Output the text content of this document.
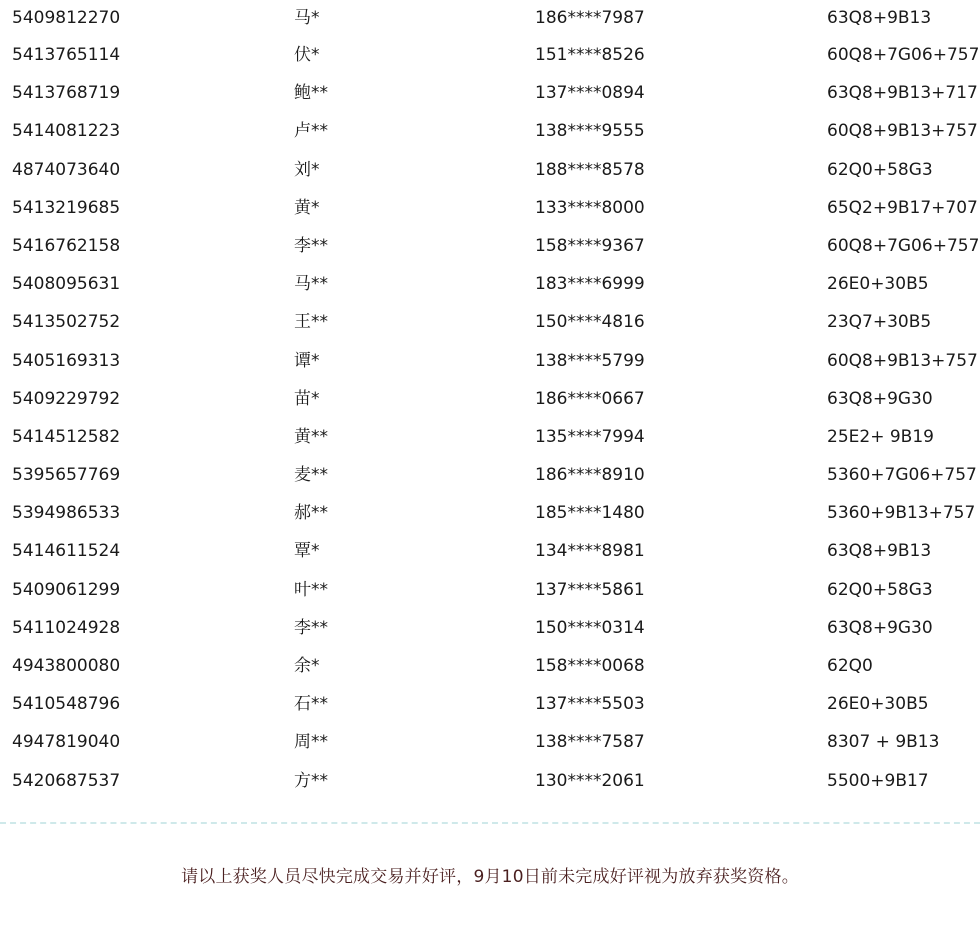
5409812270	马*	186****7987	63Q8+9B13
5413765114	伏*	151****8526	60Q8+7G06+757
5413768719	鲍**	137****0894	63Q8+9B13+717
5414081223	卢**	138****9555	60Q8+9B13+757
4874073640	刘*	188****8578	62Q0+58G3
5413219685	黄*	133****8000	65Q2+9B17+707
5416762158	李**	158****9367	60Q8+7G06+757
5408095631	马**	183****6999	26E0+30B5
5413502752	王**	150****4816	23Q7+30B5
5405169313	谭*	138****5799	60Q8+9B13+757
5409229792	苗*	186****0667	63Q8+9G30
5414512582	黄**	135****7994	25E2+ 9B19
5395657769	麦**	186****8910	5360+7G06+757
5394986533	郝**	185****1480	5360+9B13+757
5414611524	覃*	134****8981	63Q8+9B13
5409061299	叶**	137****5861	62Q0+58G3
5411024928	李**	150****0314	63Q8+9G30
4943800080	余*	158****0068	62Q0
5410548796	石**	137****5503	26E0+30B5
4947819040	周**	138****7587	8307 + 9B13
5420687537	方**	130****2061	5500+9B17
请以上获奖人员尽快完成交易并好评，9月10日前未完成好评视为放弃获奖资格。
